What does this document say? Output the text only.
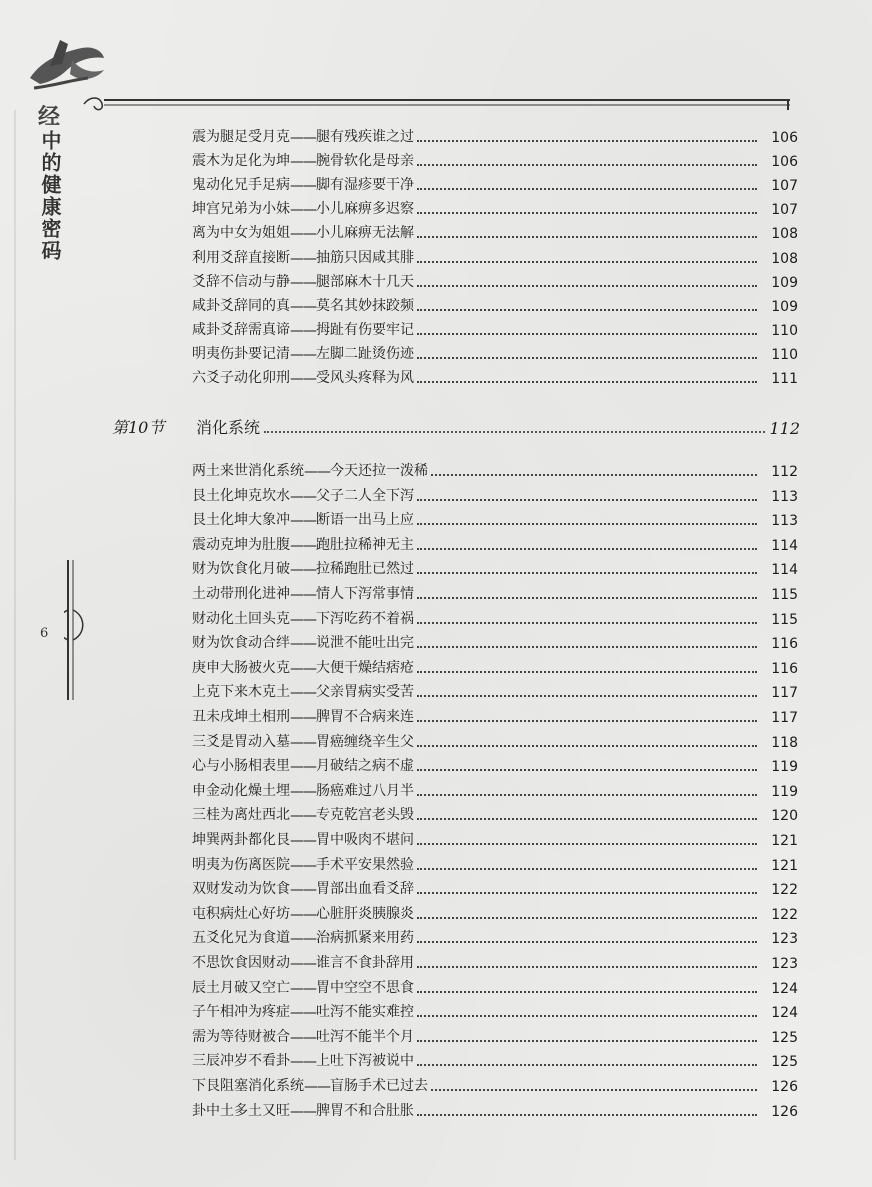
经
中的健康密码
6
震为腿足受月克 —— 腿有残疾谁之过	106
震木为足化为坤 —— 腕骨软化是母亲	106
鬼动化兄手足病 —— 脚有湿疹要干净	107
坤宫兄弟为小妹 —— 小儿麻痹多迟察	107
离为中女为姐姐 —— 小儿麻痹无法解	108
利用爻辞直接断 —— 抽筋只因咸其腓	108
爻辞不信动与静 —— 腿部麻木十几天	109
咸卦爻辞同的真 —— 莫名其妙抹跤频	109
咸卦爻辞需真谛 —— 拇趾有伤要牢记	110
明夷伤卦要记清 —— 左脚二趾烫伤迹	110
六爻子动化卯刑 —— 受风头疼释为风	111
第10节	消化系统	112
两土来世消化系统 —— 今天还拉一泼稀	112
艮土化坤克坎水 —— 父子二人全下泻	113
艮土化坤大象冲 —— 断语一出马上应	113
震动克坤为肚腹 —— 跑肚拉稀神无主	114
财为饮食化月破 —— 拉稀跑肚已然过	114
土动带刑化进神 —— 情人下泻常事情	115
财动化土回头克 —— 下泻吃药不着祸	115
财为饮食动合绊 —— 说泄不能吐出完	116
庚申大肠被火克 —— 大便干燥结痞疮	116
上克下来木克土 —— 父亲胃病实受苦	117
丑未戌坤土相刑 —— 脾胃不合病来连	117
三爻是胃动入墓 —— 胃癌缠绕辛生父	118
心与小肠相表里 —— 月破结之病不虚	119
申金动化燥土埋 —— 肠癌难过八月半	119
三桂为离灶西北 —— 专克乾宫老头毁	120
坤巽两卦都化艮 —— 胃中吸肉不堪问	121
明夷为伤离医院 —— 手术平安果然验	121
双财发动为饮食 —— 胃部出血看爻辞	122
屯积病灶心好坊 —— 心脏肝炎胰腺炎	122
五爻化兄为食道 —— 治病抓紧来用药	123
不思饮食因财动 —— 谁言不食卦辞用	123
辰土月破又空亡 —— 胃中空空不思食	124
子午相冲为疼症 —— 吐泻不能实难控	124
需为等待财被合 —— 吐泻不能半个月	125
三辰冲岁不看卦 —— 上吐下泻被说中	125
下艮阻塞消化系统 —— 盲肠手术已过去	126
卦中土多土又旺 —— 脾胃不和合肚胀	126
